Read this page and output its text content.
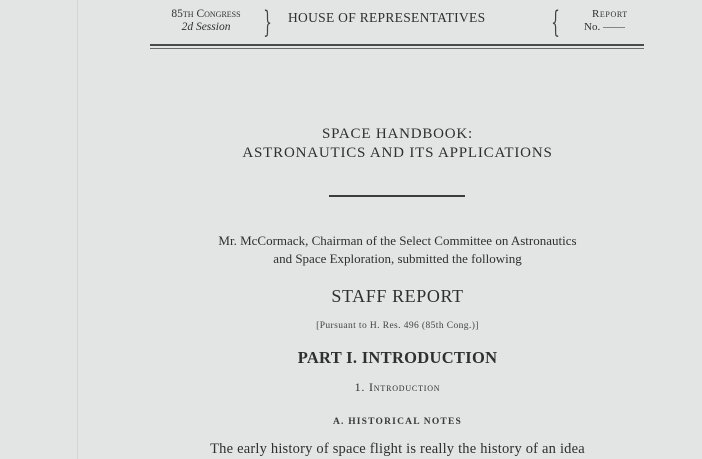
85th Congress
2d Session	} HOUSE OF REPRESENTATIVES {	Report
No. ——
SPACE HANDBOOK:
ASTRONAUTICS AND ITS APPLICATIONS
Mr. McCormack, Chairman of the Select Committee on Astronautics
and Space Exploration, submitted the following
STAFF REPORT
[Pursuant to H. Res. 496 (85th Cong.)]
PART I. INTRODUCTION
1. Introduction
A. HISTORICAL NOTES
The early history of space flight is really the history of an idea
